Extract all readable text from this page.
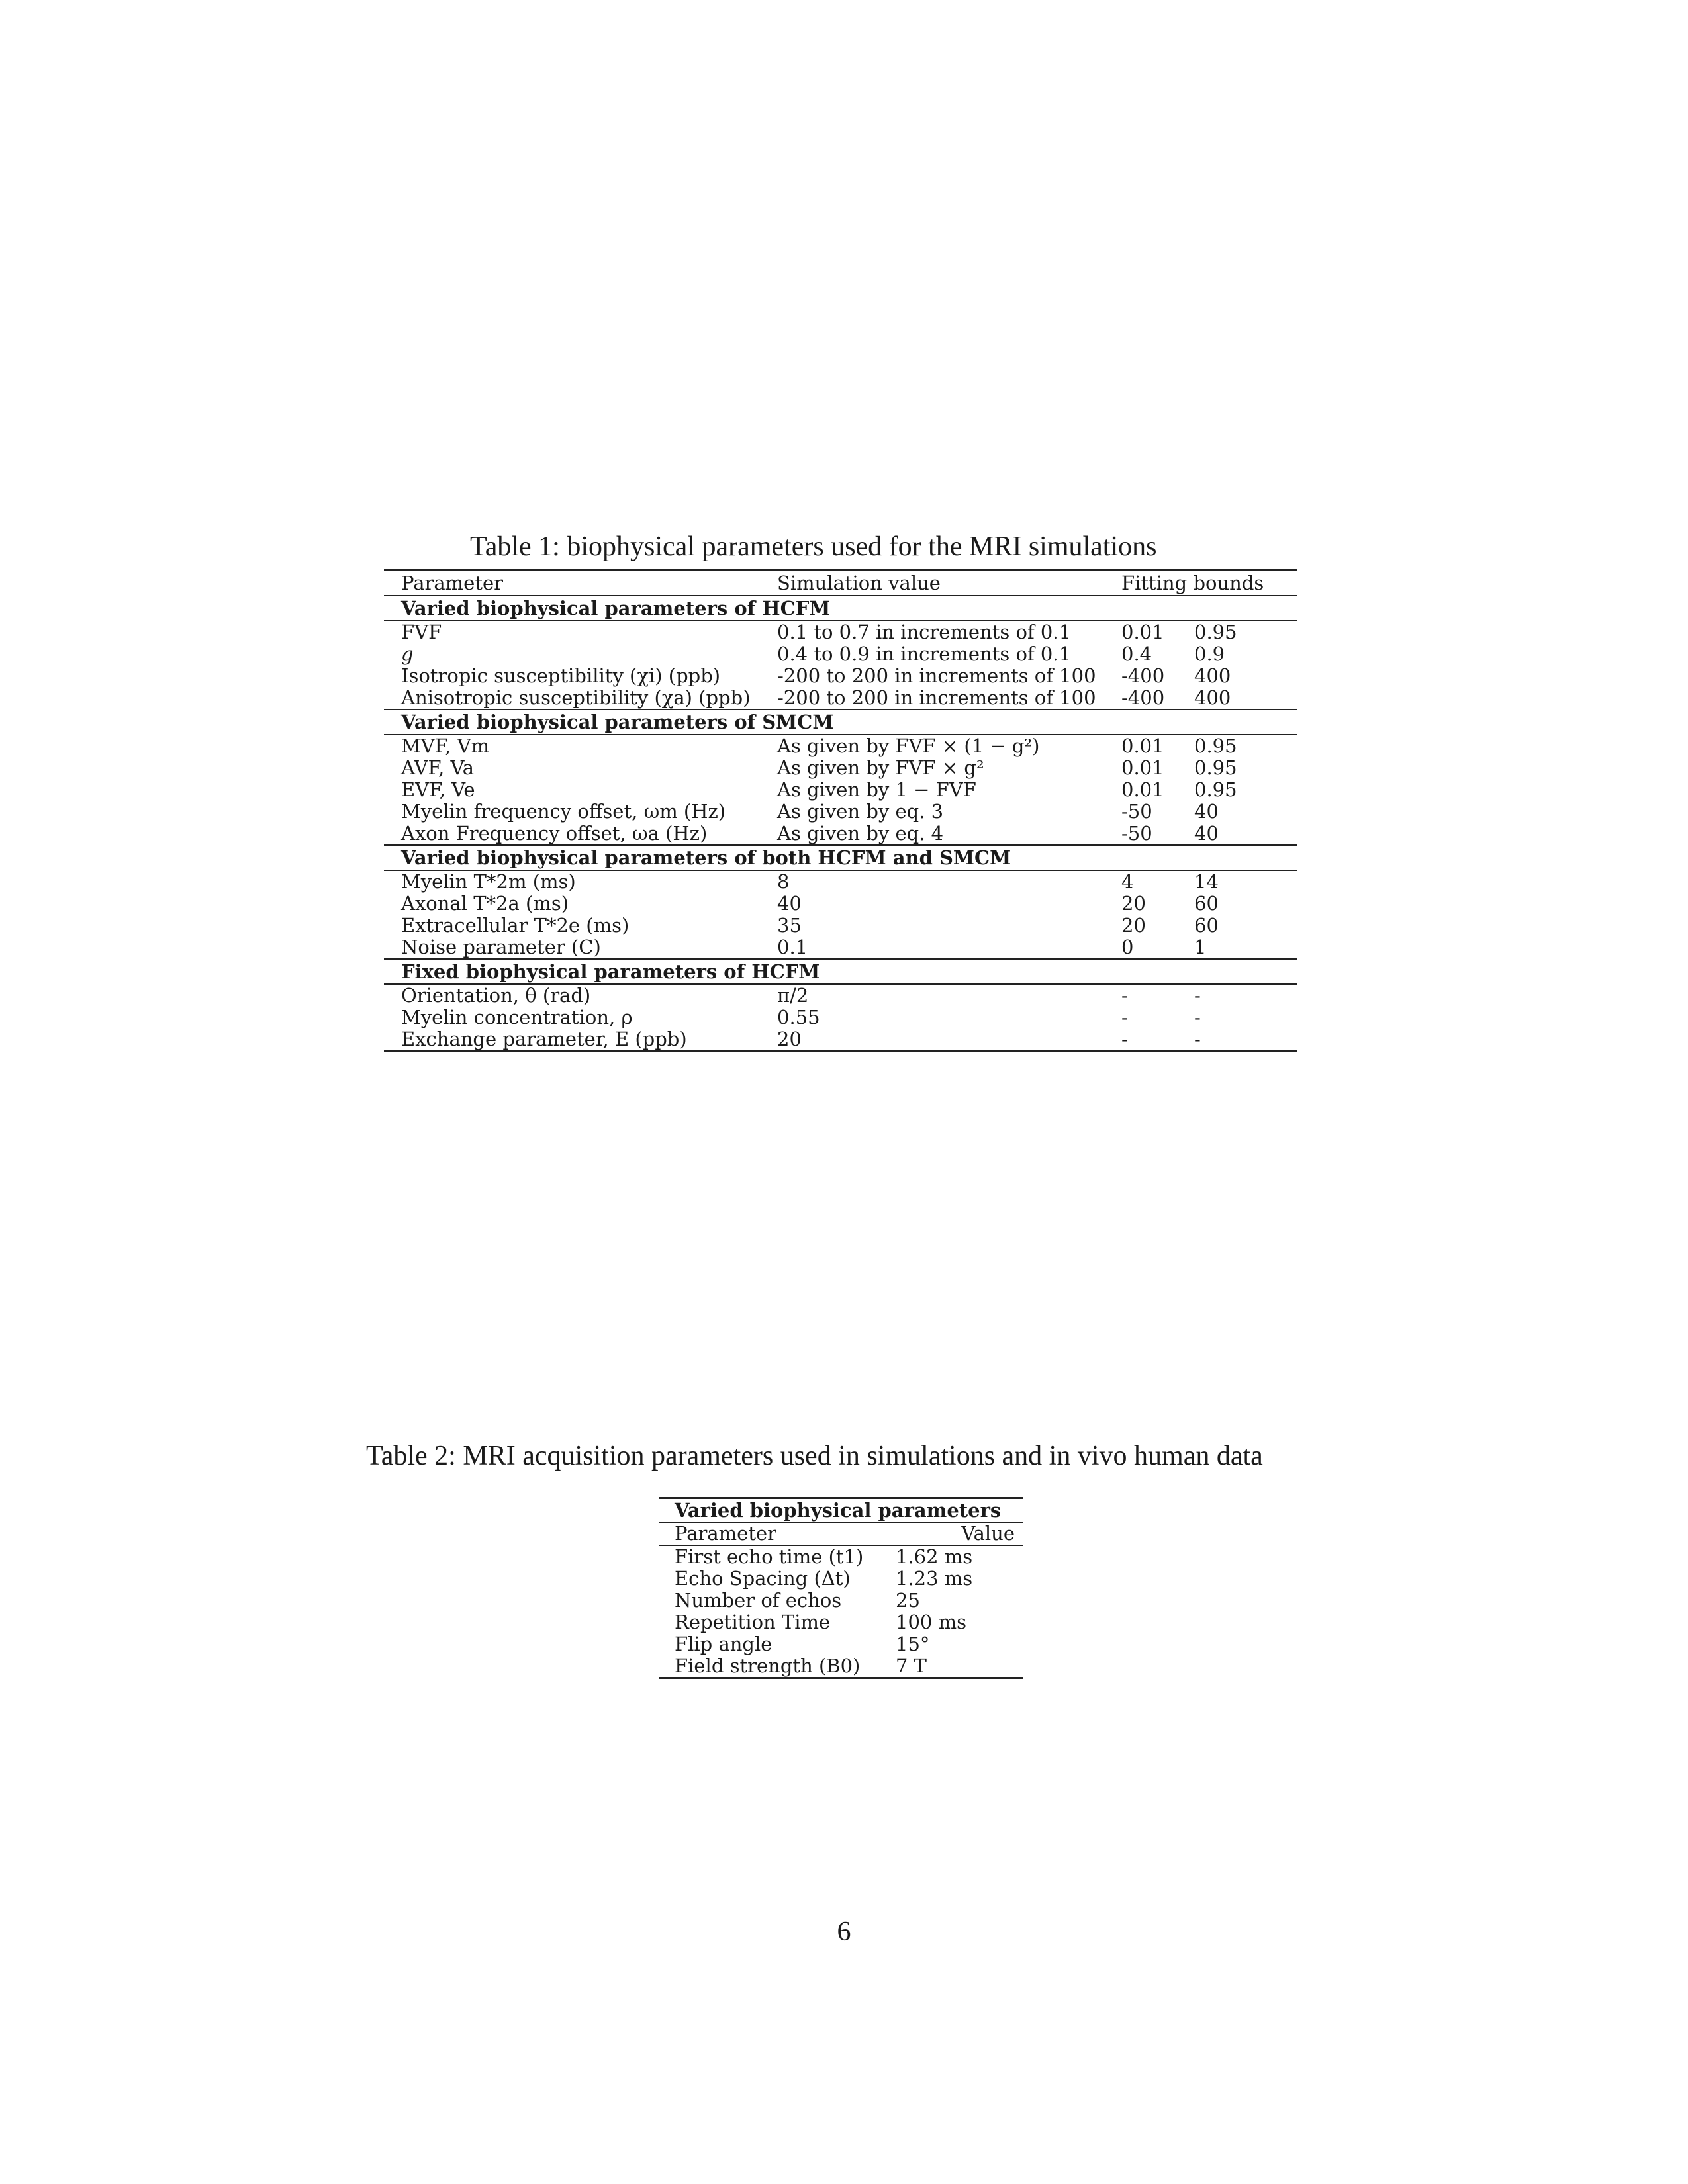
Table 1: biophysical parameters used for the MRI simulations
Parameter	Simulation value	Fitting bounds
Varied biophysical parameters of HCFM
FVF	0.1 to 0.7 in increments of 0.1	0.01	0.95
g	0.4 to 0.9 in increments of 0.1	0.4	0.9
Isotropic susceptibility (χi) (ppb)	-200 to 200 in increments of 100	-400	400
Anisotropic susceptibility (χa) (ppb)	-200 to 200 in increments of 100	-400	400
Varied biophysical parameters of SMCM
MVF, Vm	As given by FVF × (1 − g²)	0.01	0.95
AVF, Va	As given by FVF × g²	0.01	0.95
EVF, Ve	As given by 1 − FVF	0.01	0.95
Myelin frequency offset, ωm (Hz)	As given by eq. 3	-50	40
Axon Frequency offset, ωa (Hz)	As given by eq. 4	-50	40
Varied biophysical parameters of both HCFM and SMCM
Myelin T*2m (ms)	8	4	14
Axonal T*2a (ms)	40	20	60
Extracellular T*2e (ms)	35	20	60
Noise parameter (C)	0.1	0	1
Fixed biophysical parameters of HCFM
Orientation, θ (rad)	π/2	-	-
Myelin concentration, ρ	0.55	-	-
Exchange parameter, E (ppb)	20	-	-
Table 2: MRI acquisition parameters used in simulations and in vivo human data
Varied biophysical parameters
Parameter	Value
First echo time (t1)	1.62 ms
Echo Spacing (Δt)	1.23 ms
Number of echos	25
Repetition Time	100 ms
Flip angle	15°
Field strength (B0)	7 T
6
